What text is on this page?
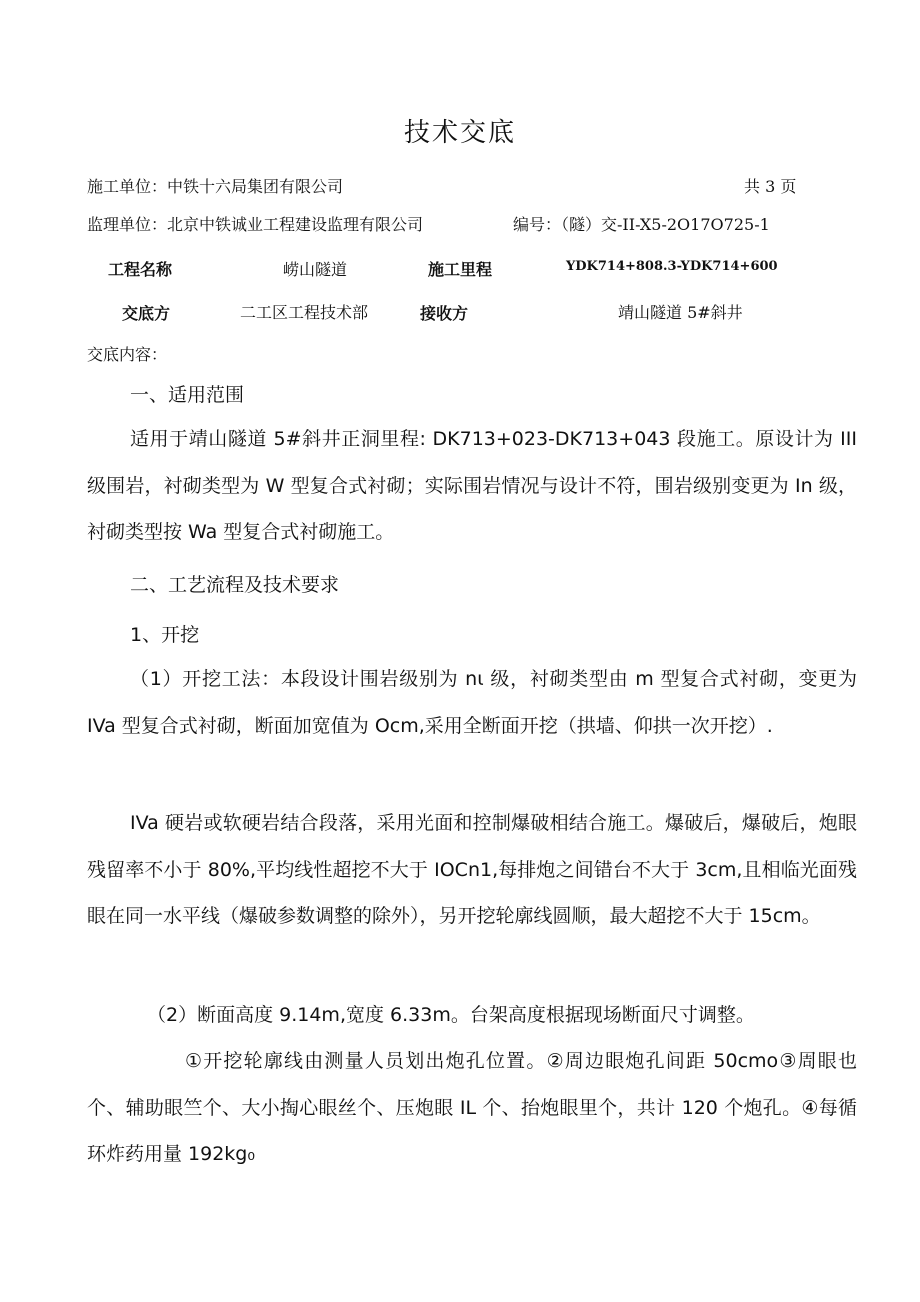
技术交底
施工单位：中铁十六局集团有限公司	共 3 页
监理单位：北京中铁诚业工程建设监理有限公司	编号：（隧）交-II-X5-2O17O725-1
工程名称	崂山隧道	施工里程	YDK714+808.3-YDK714+600
交底方	二工区工程技术部	接收方	靖山隧道 5#斜井
交底内容：
一、适用范围
适用于靖山隧道 5#斜井正洞里程: DK713+023-DK713+043 段施工。原设计为 III 级围岩，衬砌类型为 W 型复合式衬砌；实际围岩情况与设计不符，围岩级别变更为 In 级，衬砌类型按 Wa 型复合式衬砌施工。
二、工艺流程及技术要求
1、开挖
（1）开挖工法：本段设计围岩级别为 nι 级，衬砌类型由 m 型复合式衬砌，变更为 IVa 型复合式衬砌，断面加宽值为 Ocm,采用全断面开挖（拱墙、仰拱一次开挖）.
IVa 硬岩或软硬岩结合段落，采用光面和控制爆破相结合施工。爆破后，爆破后，炮眼残留率不小于 80%,平均线性超挖不大于 IOCn1,每排炮之间错台不大于 3cm,且相临光面残眼在同一水平线（爆破参数调整的除外），另开挖轮廓线圆顺，最大超挖不大于 15cm。
（2）断面高度 9.14m,宽度 6.33m。台架高度根据现场断面尺寸调整。
①开挖轮廓线由测量人员划出炮孔位置。②周边眼炮孔间距 50cmo③周眼也个、辅助眼竺个、大小掏心眼丝个、压炮眼 IL 个、抬炮眼里个，共计 120 个炮孔。④每循环炸药用量 192kg₀
